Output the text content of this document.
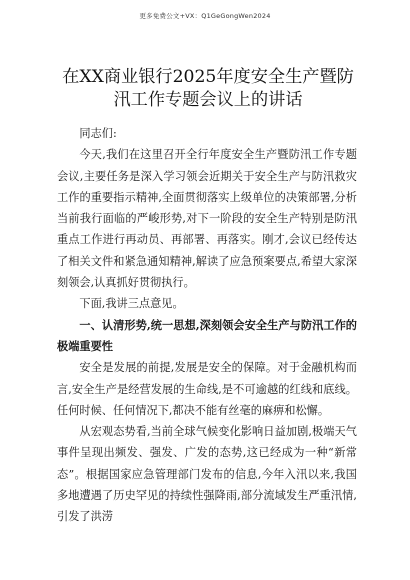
更多免费公文+VX：Q1GeGongWen2024
在XX商业银行2025年度安全生产暨防汛工作专题会议上的讲话

同志们:

今天,我们在这里召开全行年度安全生产暨防汛工作专题会议,主要任务是深入学习领会近期关于安全生产与防汛救灾工作的重要指示精神,全面贯彻落实上级单位的决策部署,分析当前我行面临的严峻形势,对下一阶段的安全生产特别是防汛重点工作进行再动员、再部署、再落实。刚才,会议已经传达了相关文件和紧急通知精神,解读了应急预案要点,希望大家深刻领会,认真抓好贯彻执行。

下面,我讲三点意见。

一、认清形势,统一思想,深刻领会安全生产与防汛工作的极端重要性

安全是发展的前提,发展是安全的保障。对于金融机构而言,安全生产是经营发展的生命线,是不可逾越的红线和底线。任何时候、任何情况下,都决不能有丝毫的麻痹和松懈。

从宏观态势看,当前全球气候变化影响日益加剧,极端天气事件呈现出频发、强发、广发的态势,这已经成为一种“新常态”。根据国家应急管理部门发布的信息,今年入汛以来,我国多地遭遇了历史罕见的持续性强降雨,部分流域发生严重汛情,引发了洪涝
